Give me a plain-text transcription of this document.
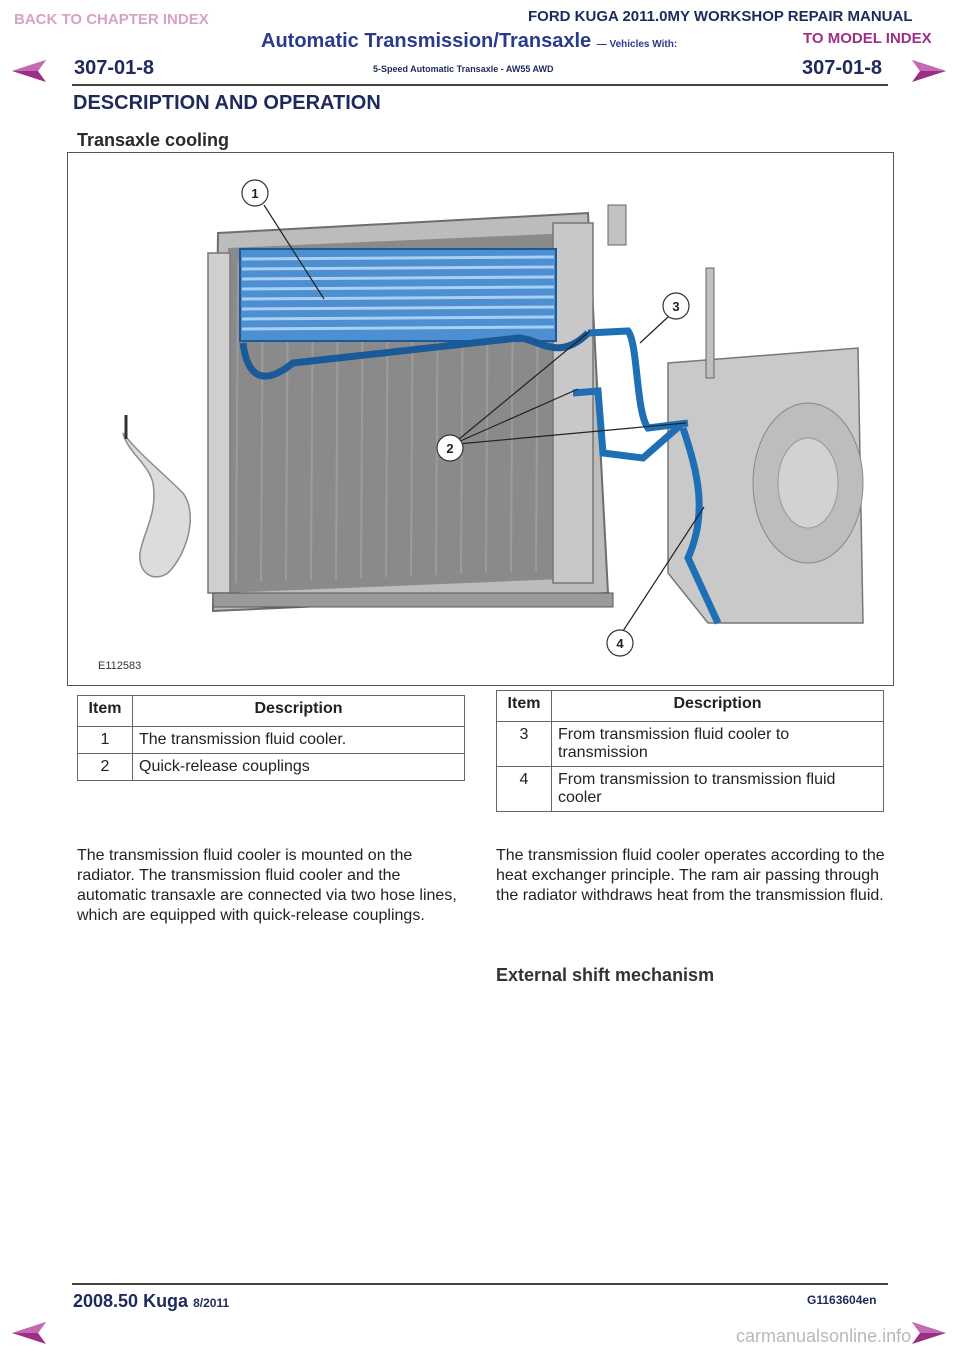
BACK TO CHAPTER INDEX	FORD KUGA 2011.0MY WORKSHOP REPAIR MANUAL
TO MODEL INDEX
Automatic Transmission/Transaxle — Vehicles With:
5-Speed Automatic Transaxle - AW55 AWD
307-01-8	307-01-8
DESCRIPTION AND OPERATION
Transaxle cooling
1
2
3
4
E112583
Item	Description
1	The transmission fluid cooler.
2	Quick-release couplings
Item	Description
3	From transmission fluid cooler to transmission
4	From transmission to transmission fluid cooler
The transmission fluid cooler is mounted on the radiator. The transmission fluid cooler and the automatic transaxle are connected via two hose lines, which are equipped with quick-release couplings.
The transmission fluid cooler operates according to the heat exchanger principle. The ram air passing through the radiator withdraws heat from the transmission fluid.
External shift mechanism
2008.50 Kuga 8/2011	G1163604en
carmanualsonline.info
